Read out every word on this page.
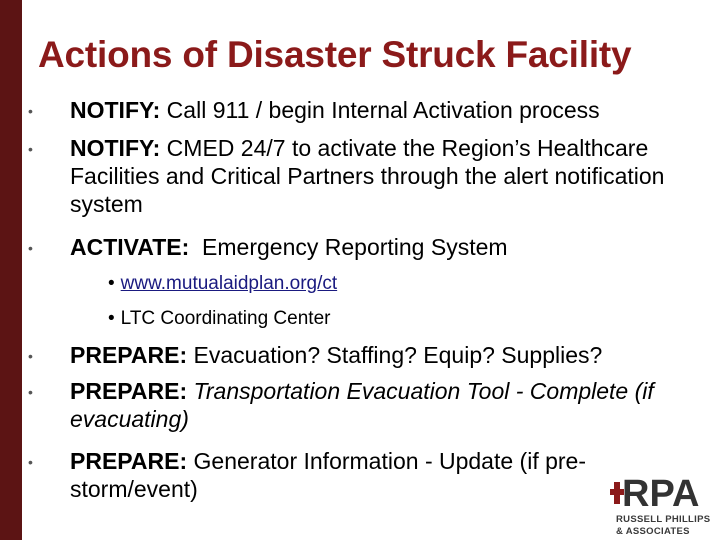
Actions of Disaster Struck Facility
• NOTIFY: Call 911 / begin Internal Activation process
• NOTIFY: CMED 24/7 to activate the Region’s Healthcare Facilities and Critical Partners through the alert notification system
• ACTIVATE:  Emergency Reporting System
• www.mutualaidplan.org/ct
• LTC Coordinating Center
• PREPARE: Evacuation? Staffing? Equip? Supplies?
• PREPARE: Transportation Evacuation Tool - Complete (if evacuating)
• PREPARE: Generator Information - Update (if pre-storm/event)	RPA
RUSSELL PHILLIPS
& ASSOCIATES
